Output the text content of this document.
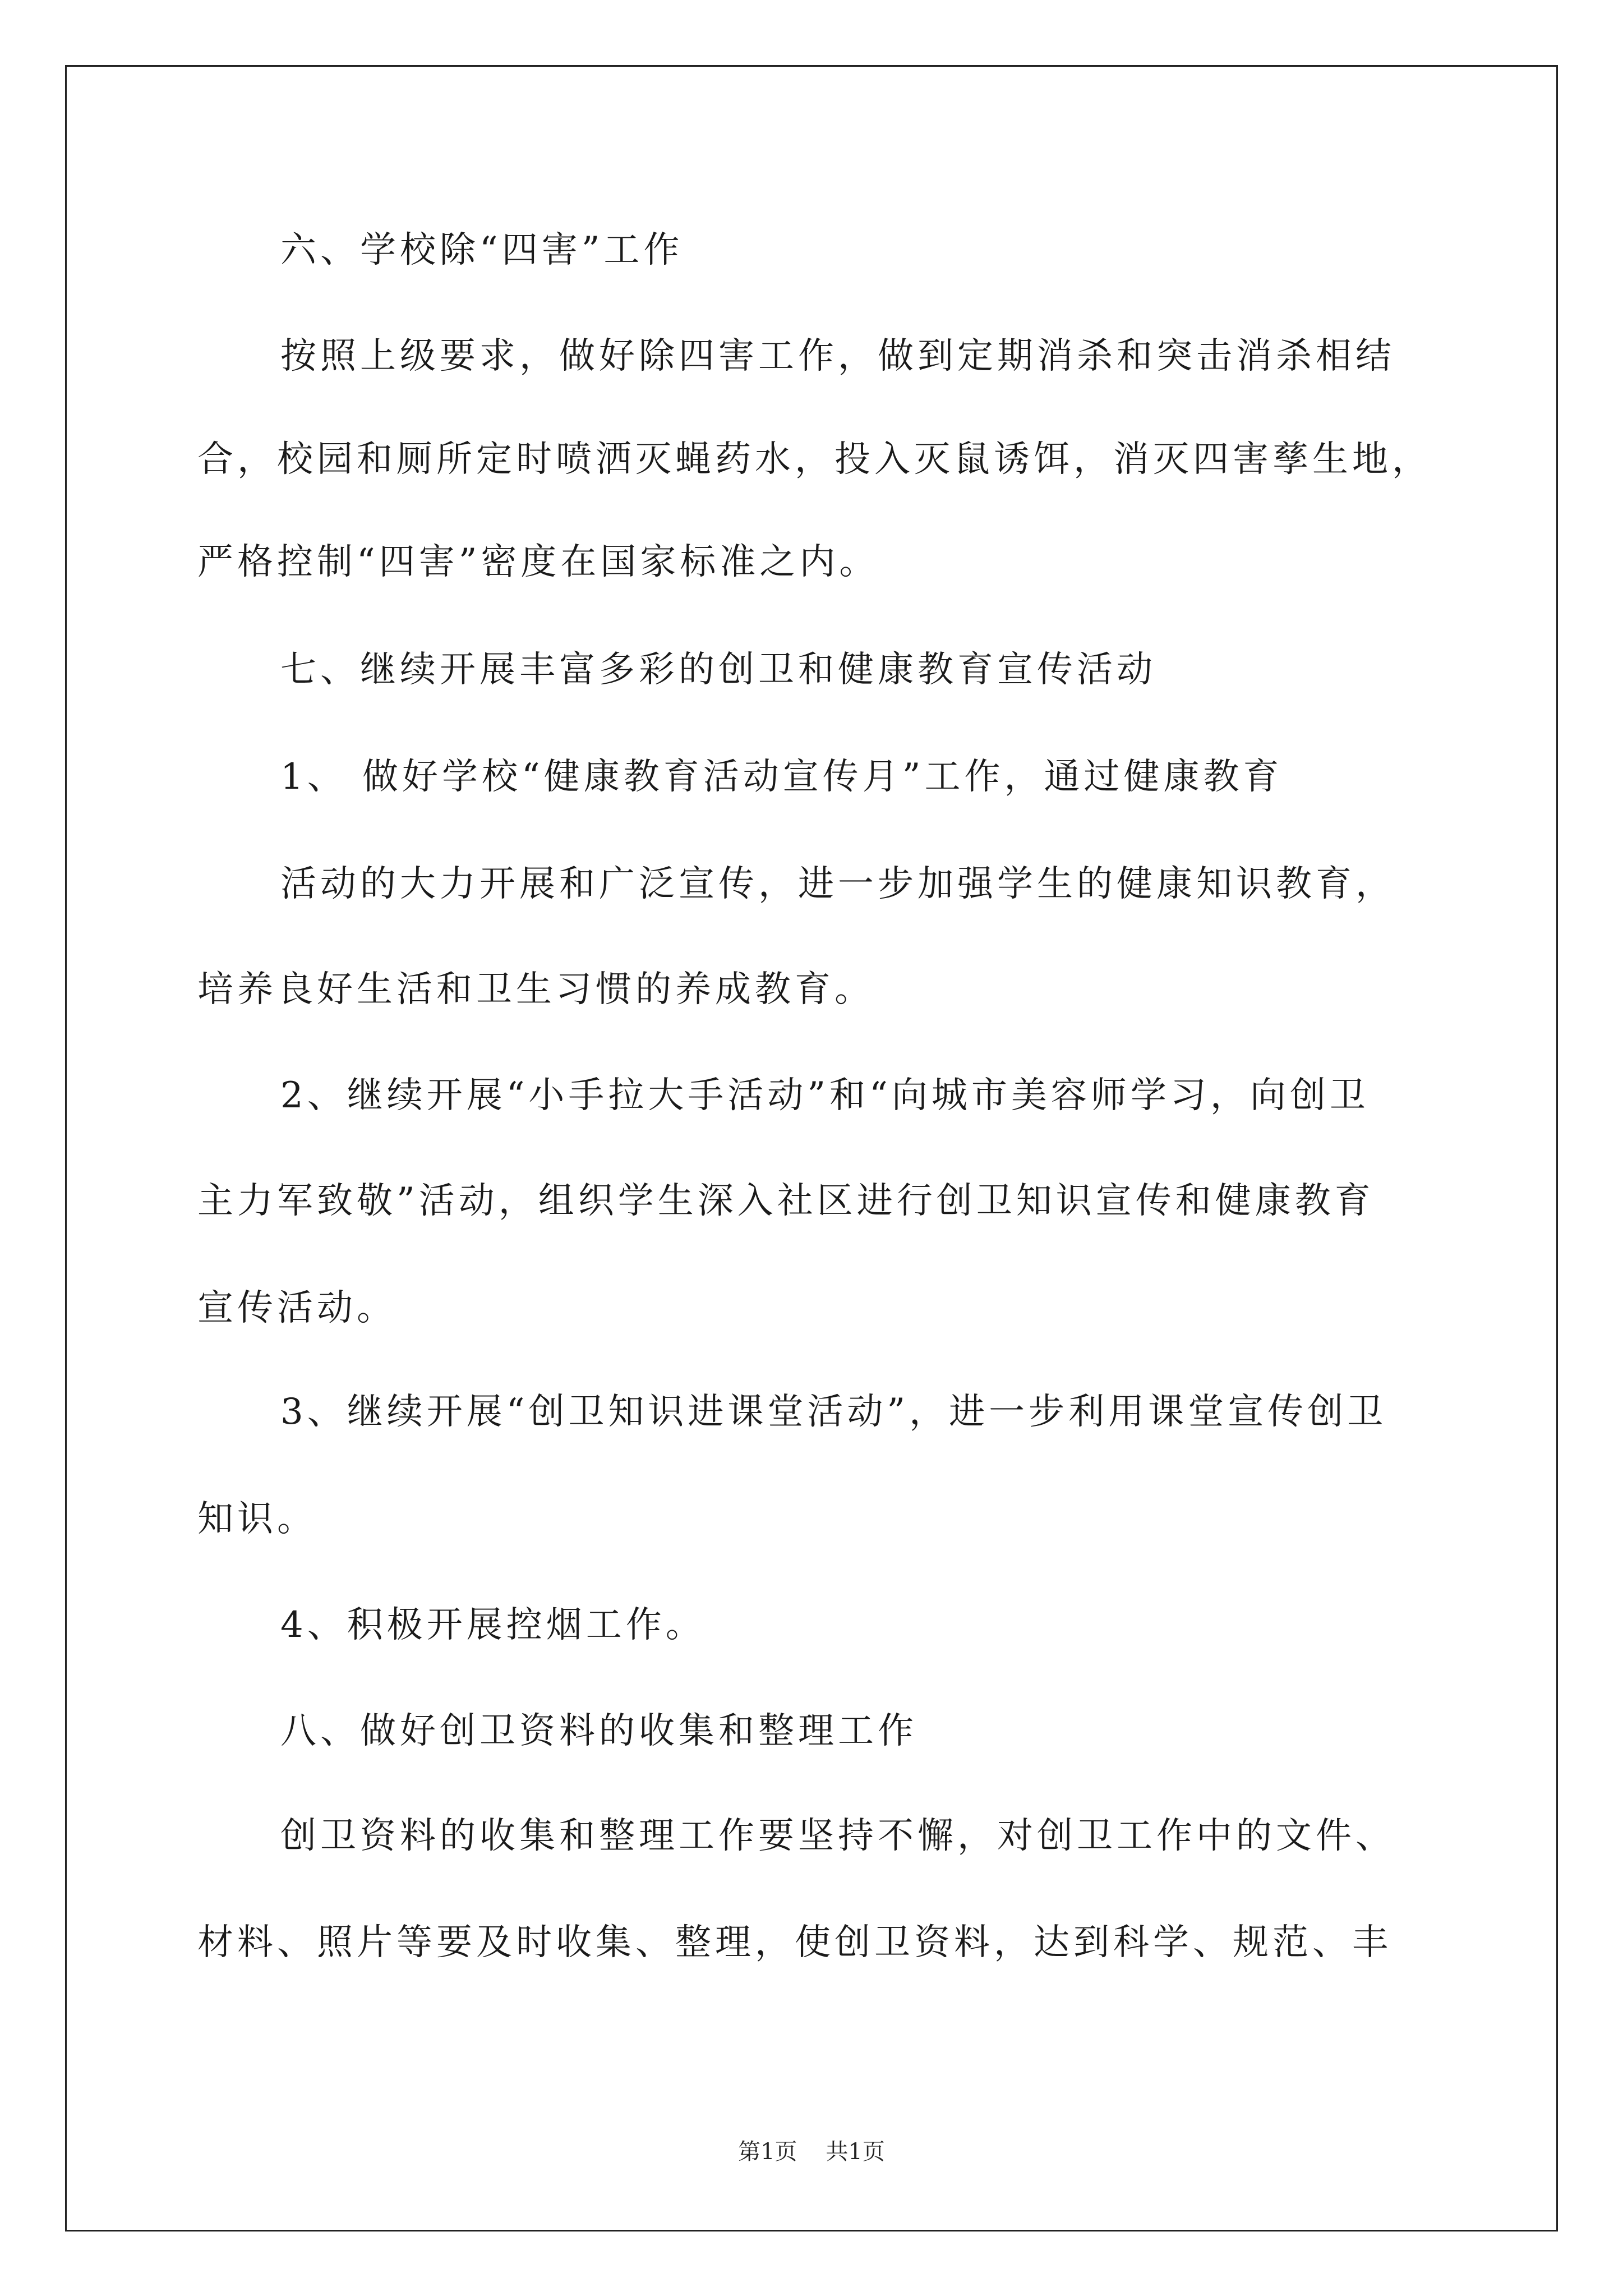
六、学校除“四害”工作
按照上级要求，做好除四害工作，做到定期消杀和突击消杀相结
合，校园和厕所定时喷洒灭蝇药水，投入灭鼠诱饵，消灭四害孳生地，
严格控制“四害”密度在国家标准之内。
七、继续开展丰富多彩的创卫和健康教育宣传活动
1、 做好学校“健康教育活动宣传月”工作，通过健康教育
活动的大力开展和广泛宣传，进一步加强学生的健康知识教育，
培养良好生活和卫生习惯的养成教育。
2、继续开展“小手拉大手活动”和“向城市美容师学习，向创卫
主力军致敬”活动，组织学生深入社区进行创卫知识宣传和健康教育
宣传活动。
3、继续开展“创卫知识进课堂活动”，进一步利用课堂宣传创卫
知识。
4、积极开展控烟工作。
八、做好创卫资料的收集和整理工作
创卫资料的收集和整理工作要坚持不懈，对创卫工作中的文件、
材料、照片等要及时收集、整理，使创卫资料，达到科学、规范、丰
第1页 共1页
